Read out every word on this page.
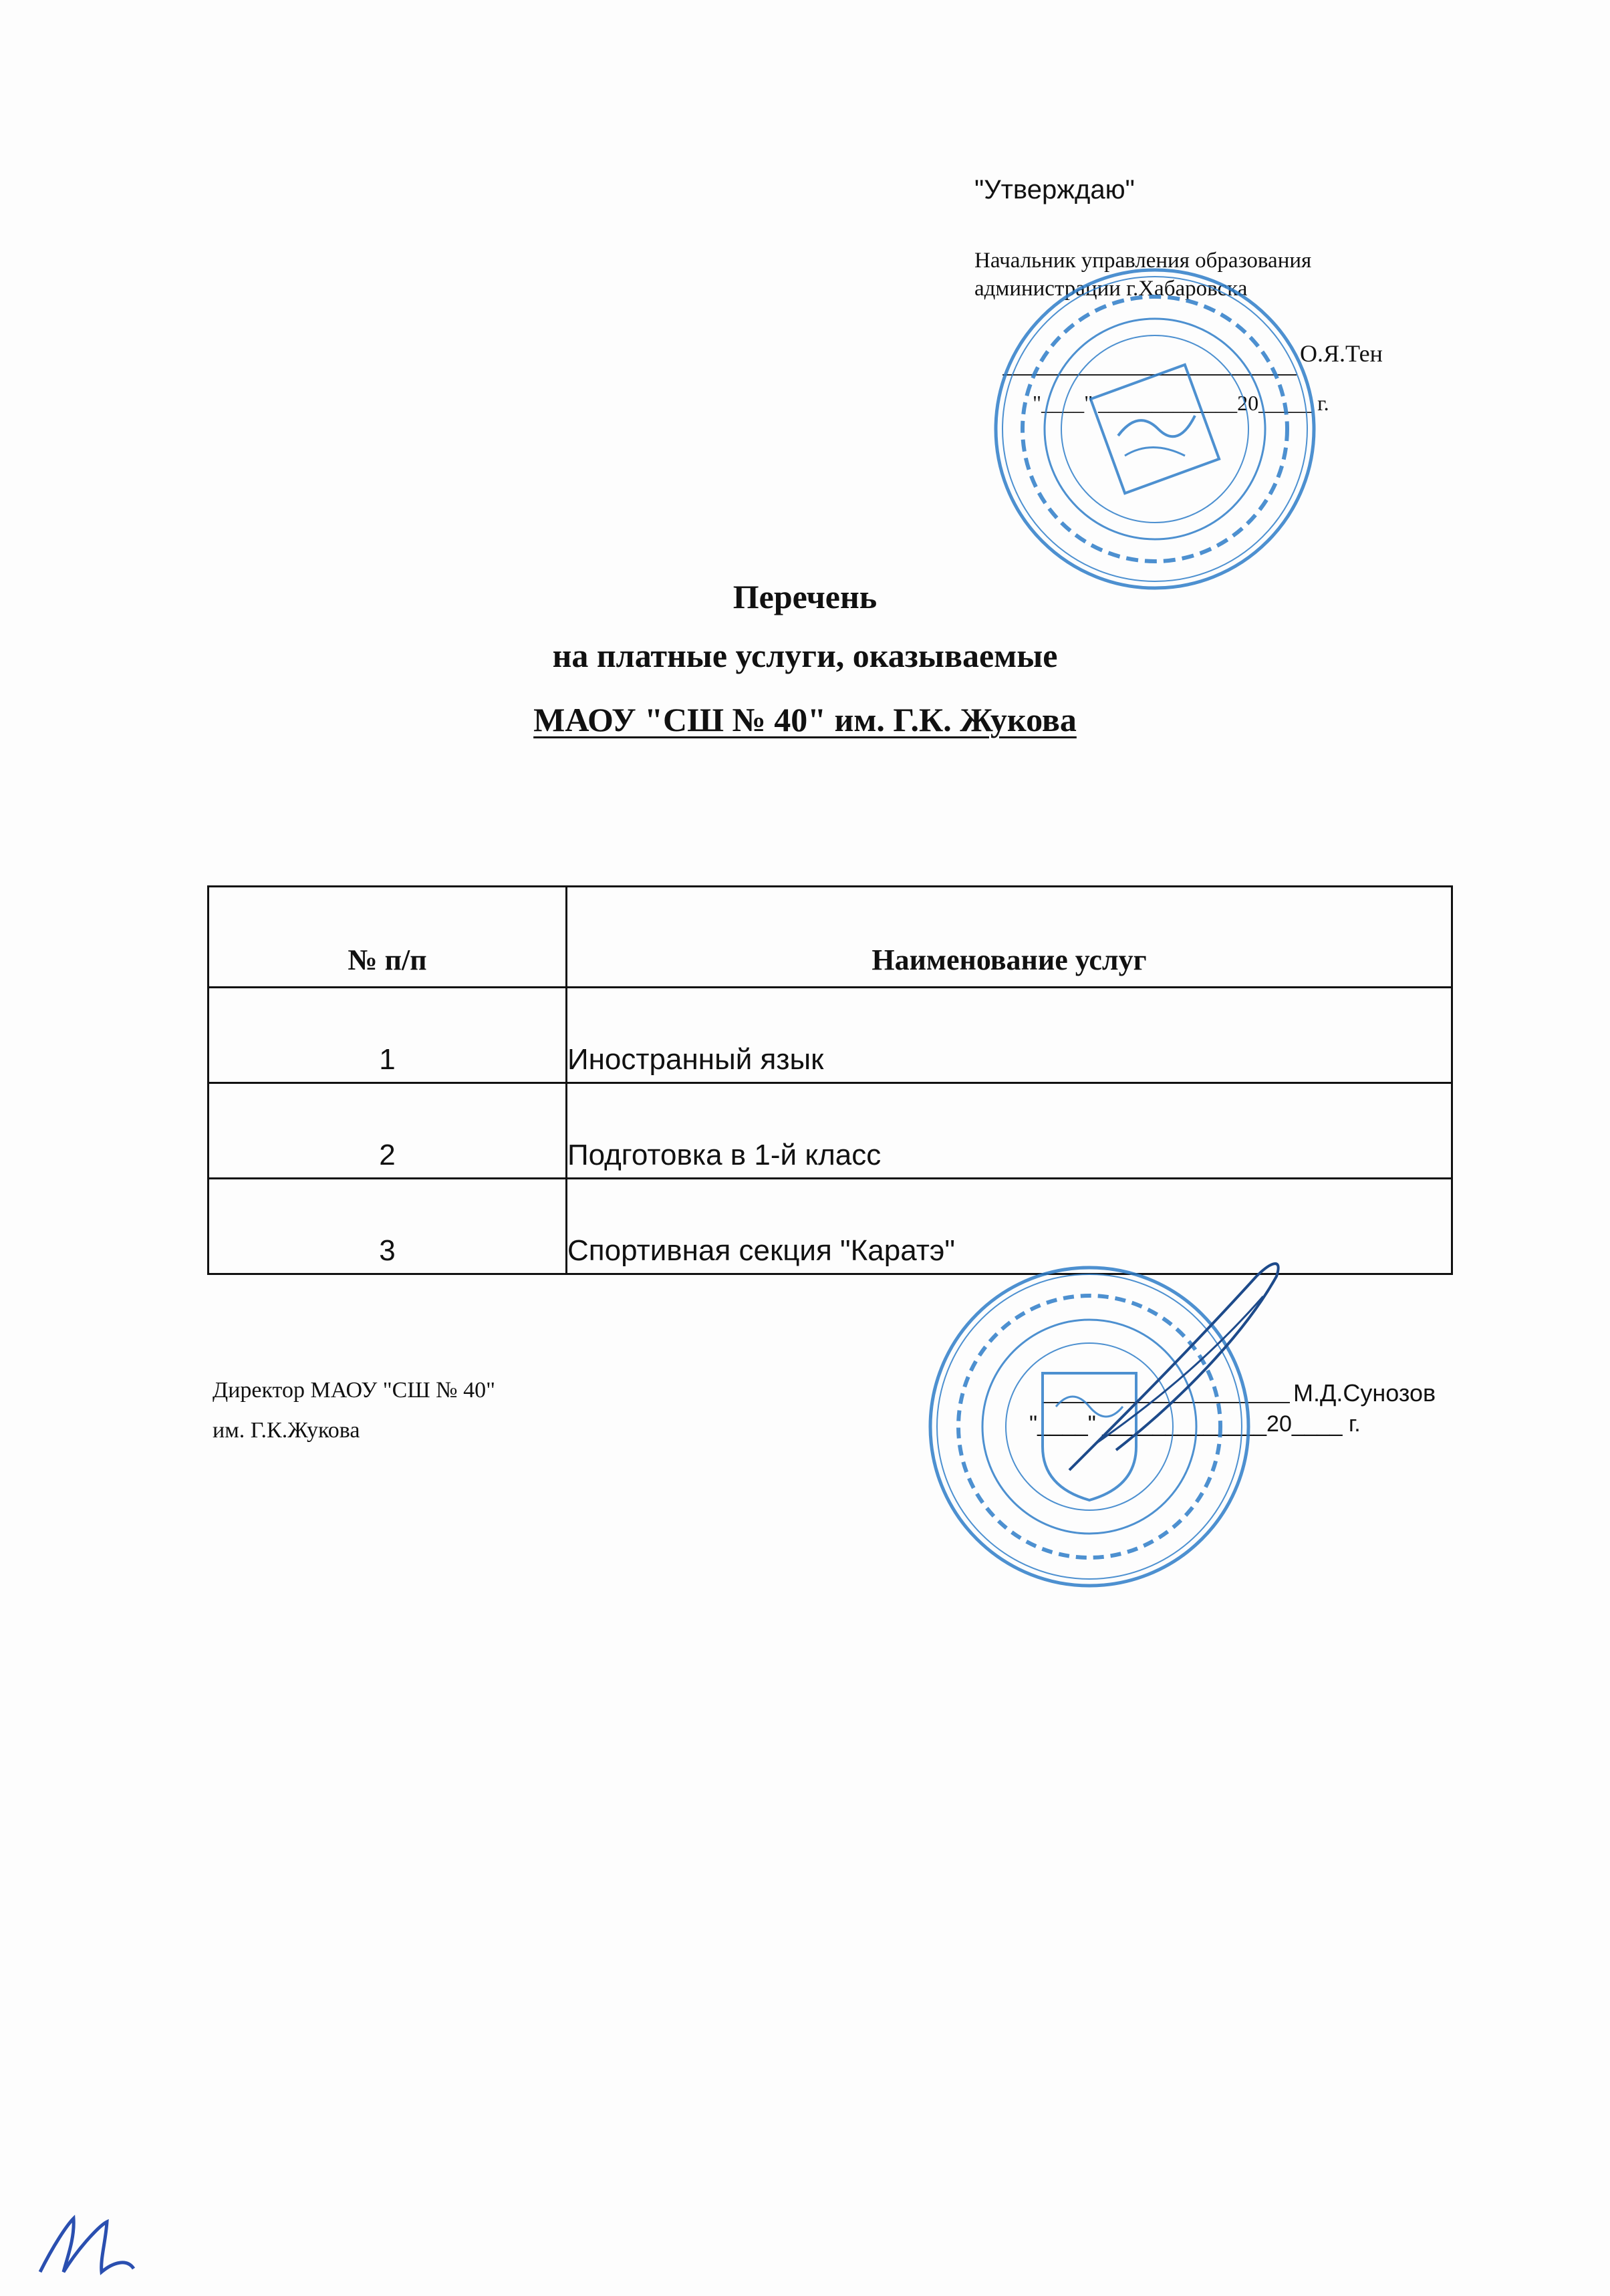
"Утверждаю"
Начальник управления образования
администрации г.Хабаровска
О.Я.Тен
"____" _____________20_____ г.
Перечень
на платные услуги, оказываемые
МАОУ "СШ № 40" им. Г.К. Жукова
№ п/п	Наименование услуг
1	Иностранный язык
2	Подготовка в 1-й класс
3	Спортивная секция "Каратэ"
Директор МАОУ "СШ № 40"
им. Г.К.Жукова
М.Д.Сунозов
"____" _____________20____ г.
